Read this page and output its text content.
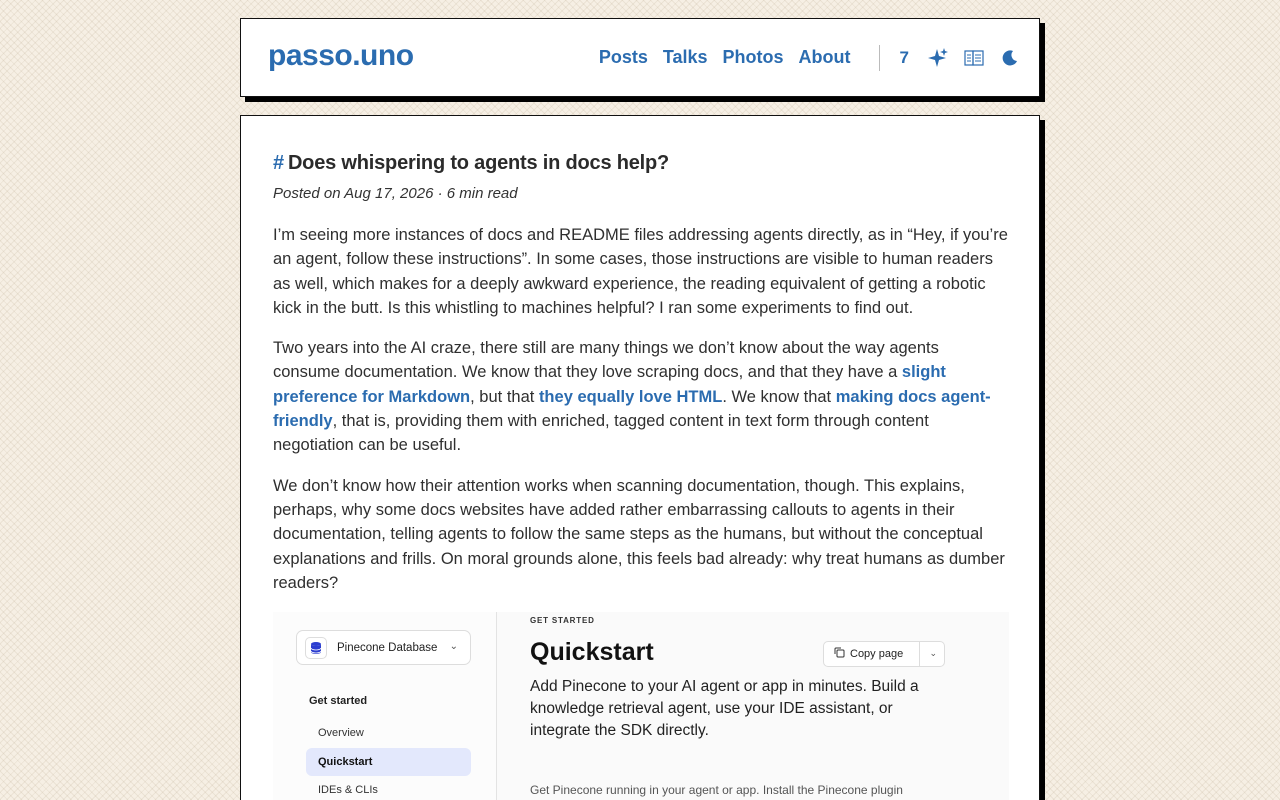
passo.uno	Posts Talks Photos About	7
# Does whispering to agents in docs help?
Posted on Aug 17, 2026 · 6 min read

I’m seeing more instances of docs and README files addressing agents directly, as in “Hey, if you’re an agent, follow these instructions”. In some cases, those instructions are visible to human readers as well, which makes for a deeply awkward experience, the reading equivalent of getting a robotic kick in the butt. Is this whistling to machines helpful? I ran some experiments to find out.

Two years into the AI craze, there still are many things we don’t know about the way agents consume documentation. We know that they love scraping docs, and that they have a slight preference for Markdown, but that they equally love HTML. We know that making docs agent-friendly, that is, providing them with enriched, tagged content in text form through content negotiation can be useful.

We don’t know how their attention works when scanning documentation, though. This explains, perhaps, why some docs websites have added rather embarrassing callouts to agents in their documentation, telling agents to follow the same steps as the humans, but without the conceptual explanations and frills. On moral grounds alone, this feels bad already: why treat humans as dumber readers?

Pinecone Database ⌄
Get started
Overview
Quickstart
IDEs & CLIs
GET STARTED
Quickstart	Copy page	⌄
Add Pinecone to your AI agent or app in minutes. Build a knowledge retrieval agent, use your IDE assistant, or integrate the SDK directly.
Get Pinecone running in your agent or app. Install the Pinecone plugin
